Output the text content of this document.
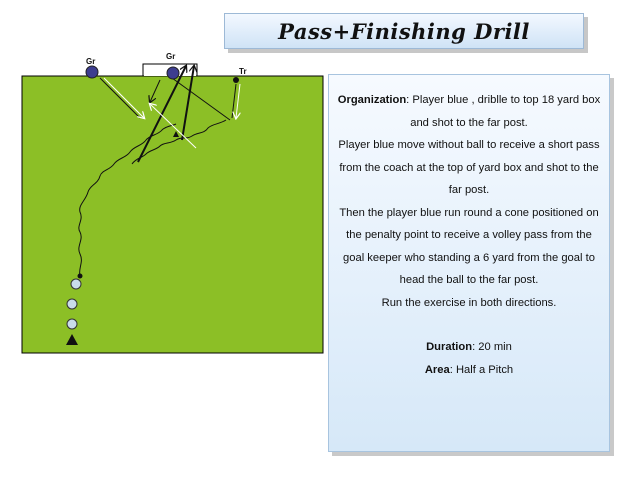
Pass+Finishing Drill
Gr
Gr
Tr

Organization: Player blue , driblle to top 18 yard box and shot to the far post.

Player blue move without ball to receive a short pass from the coach at the top of yard box and shot to the far post.

Then the player blue run round a cone positioned on the penalty point to receive a volley pass from the goal keeper who standing a 6 yard from the goal to head the ball to the far post.

Run the exercise in both directions.

Duration: 20 min

Area: Half a Pitch
